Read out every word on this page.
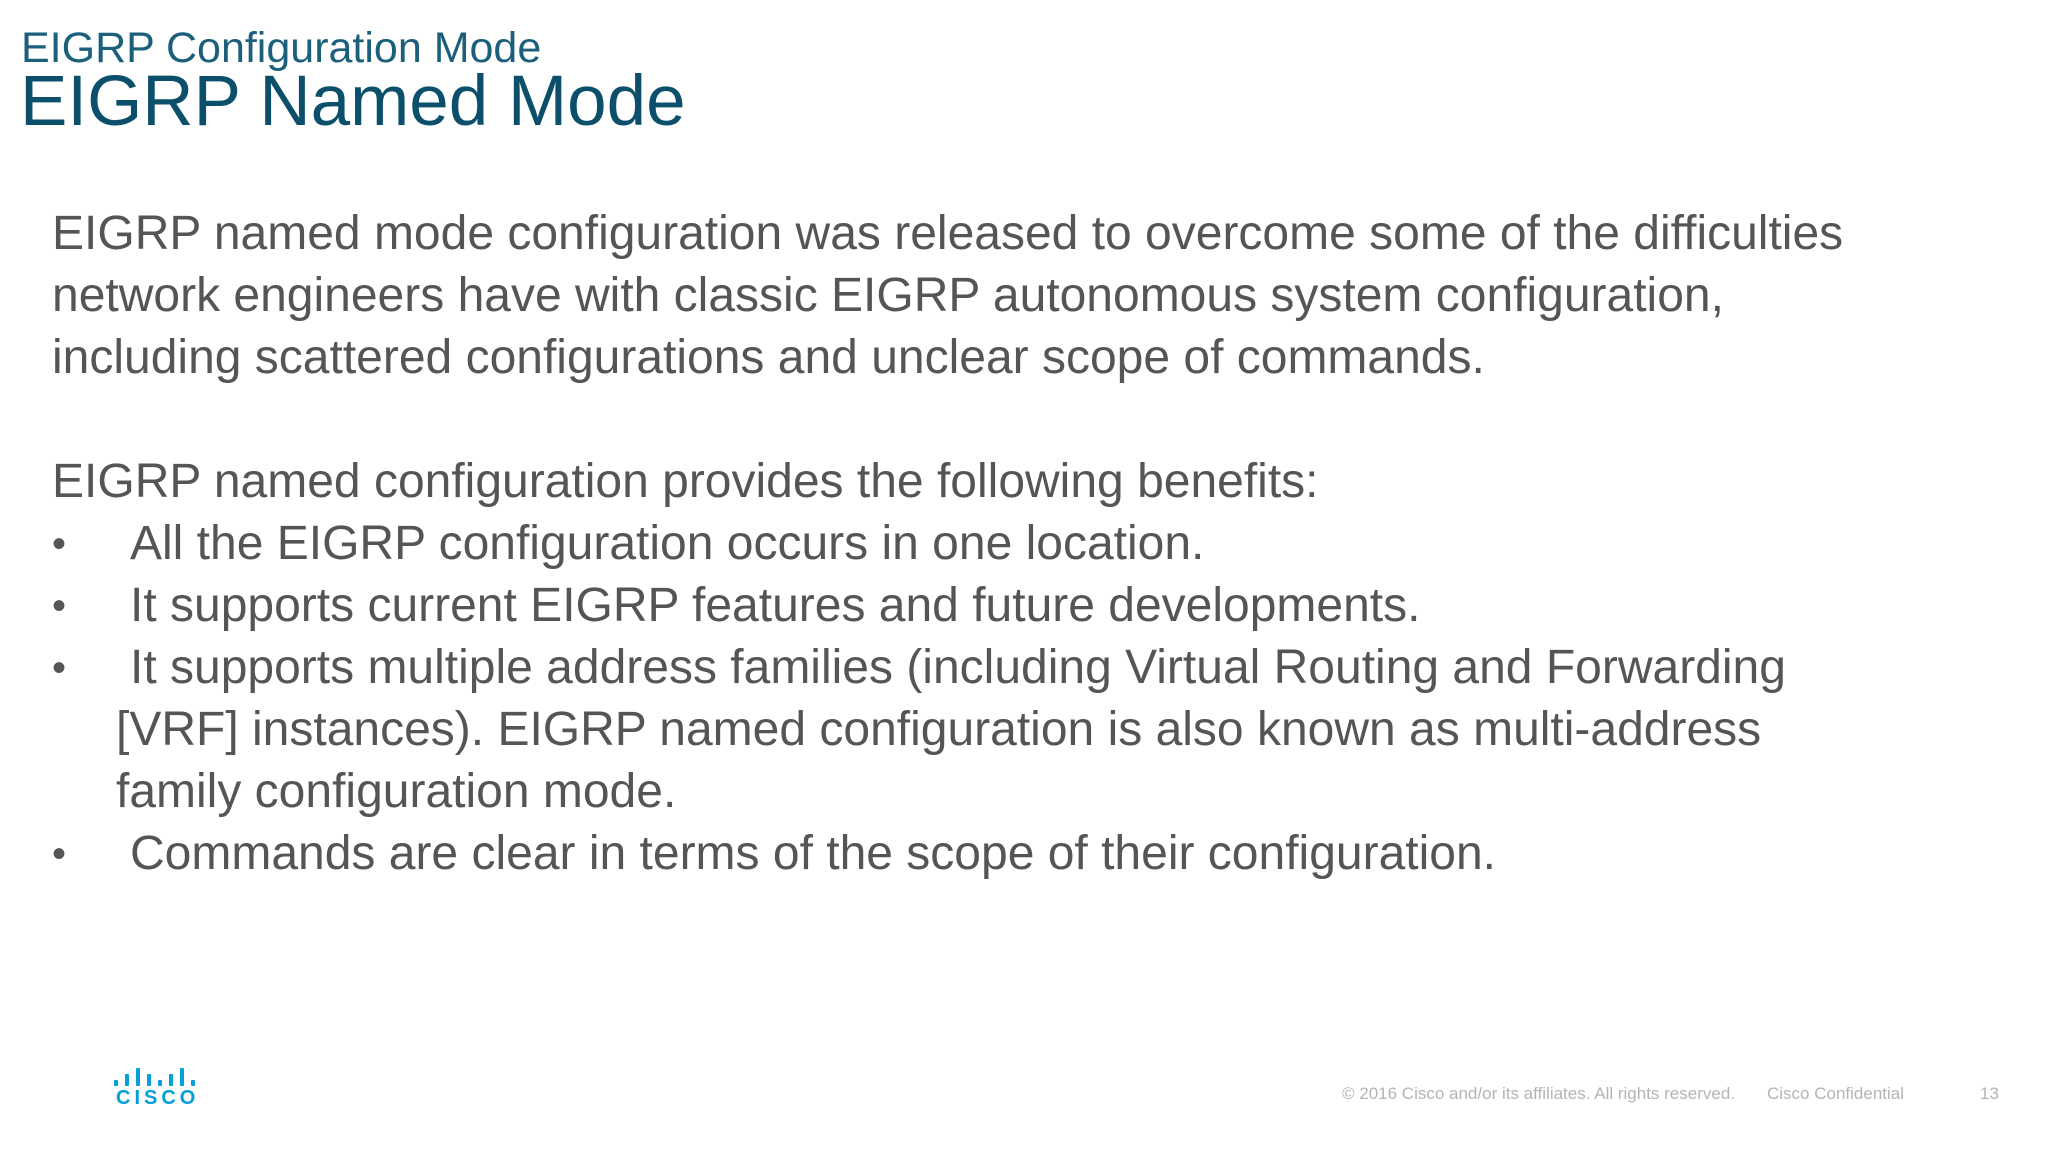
EIGRP Configuration Mode
EIGRP Named Mode

EIGRP named mode configuration was released to overcome some of the difficulties
network engineers have with classic EIGRP autonomous system configuration,
including scattered configurations and unclear scope of commands.

EIGRP named configuration provides the following benefits:
•	All the EIGRP configuration occurs in one location.
•	It supports current EIGRP features and future developments.
•	It supports multiple address families (including Virtual Routing and Forwarding
[VRF] instances). EIGRP named configuration is also known as multi-address
family configuration mode.
•	Commands are clear in terms of the scope of their configuration.
CISCO	© 2016 Cisco and/or its affiliates. All rights reserved. Cisco Confidential	13
